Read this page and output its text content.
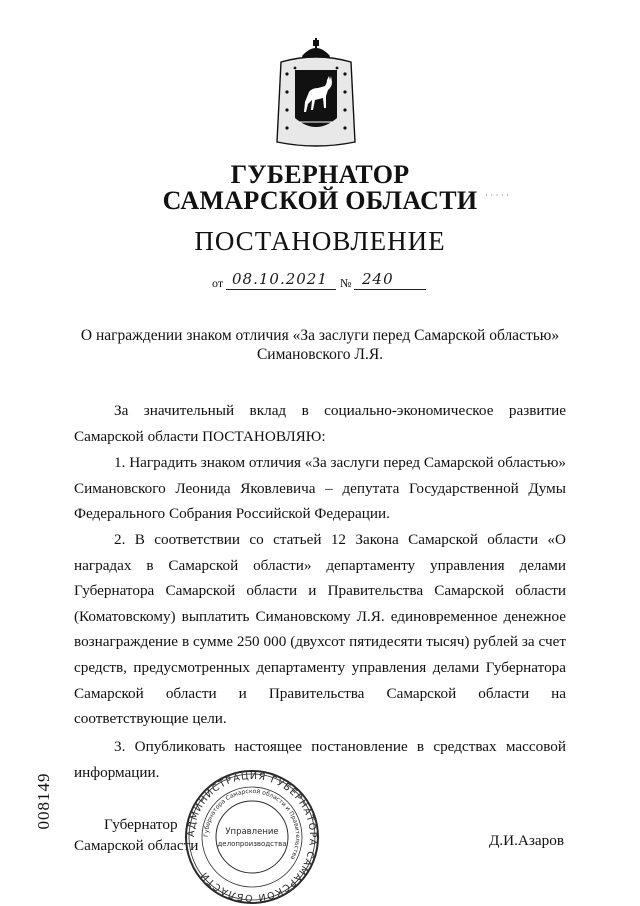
ГУБЕРНАТОР
САМАРСКОЙ ОБЛАСТИ · · · · ·
ПОСТАНОВЛЕНИЕ
от 08.10.2021 № 240
О награждении знаком отличия «За заслуги перед Самарской областью»
Симановского Л.Я.

За значительный вклад в социально-экономическое развитие Самарской области ПОСТАНОВЛЯЮ:

1. Наградить знаком отличия «За заслуги перед Самарской областью» Симановского Леонида Яковлевича – депутата Государственной Думы Федерального Собрания Российской Федерации.

2. В соответствии со статьей 12 Закона Самарской области «О наградах в Самарской области» департаменту управления делами Губернатора Самарской области и Правительства Самарской области (Коматовскому) выплатить Симановскому Л.Я. единовременное денежное вознаграждение в сумме 250 000 (двухсот пятидесяти тысяч) рублей за счет средств, предусмотренных департаменту управления делами Губернатора Самарской области и Правительства Самарской области на соответствующие цели.

3. Опубликовать настоящее постановление в средствах массовой информации.

008149	Губернатор
Самарской области
АДМИНИСТРАЦИЯ ГУБЕРНАТОРА САМАРСКОЙ ОБЛАСТИ
Губернатора Самарской области и Правительства
Управление
делопроизводства	Д.И.Азаров
